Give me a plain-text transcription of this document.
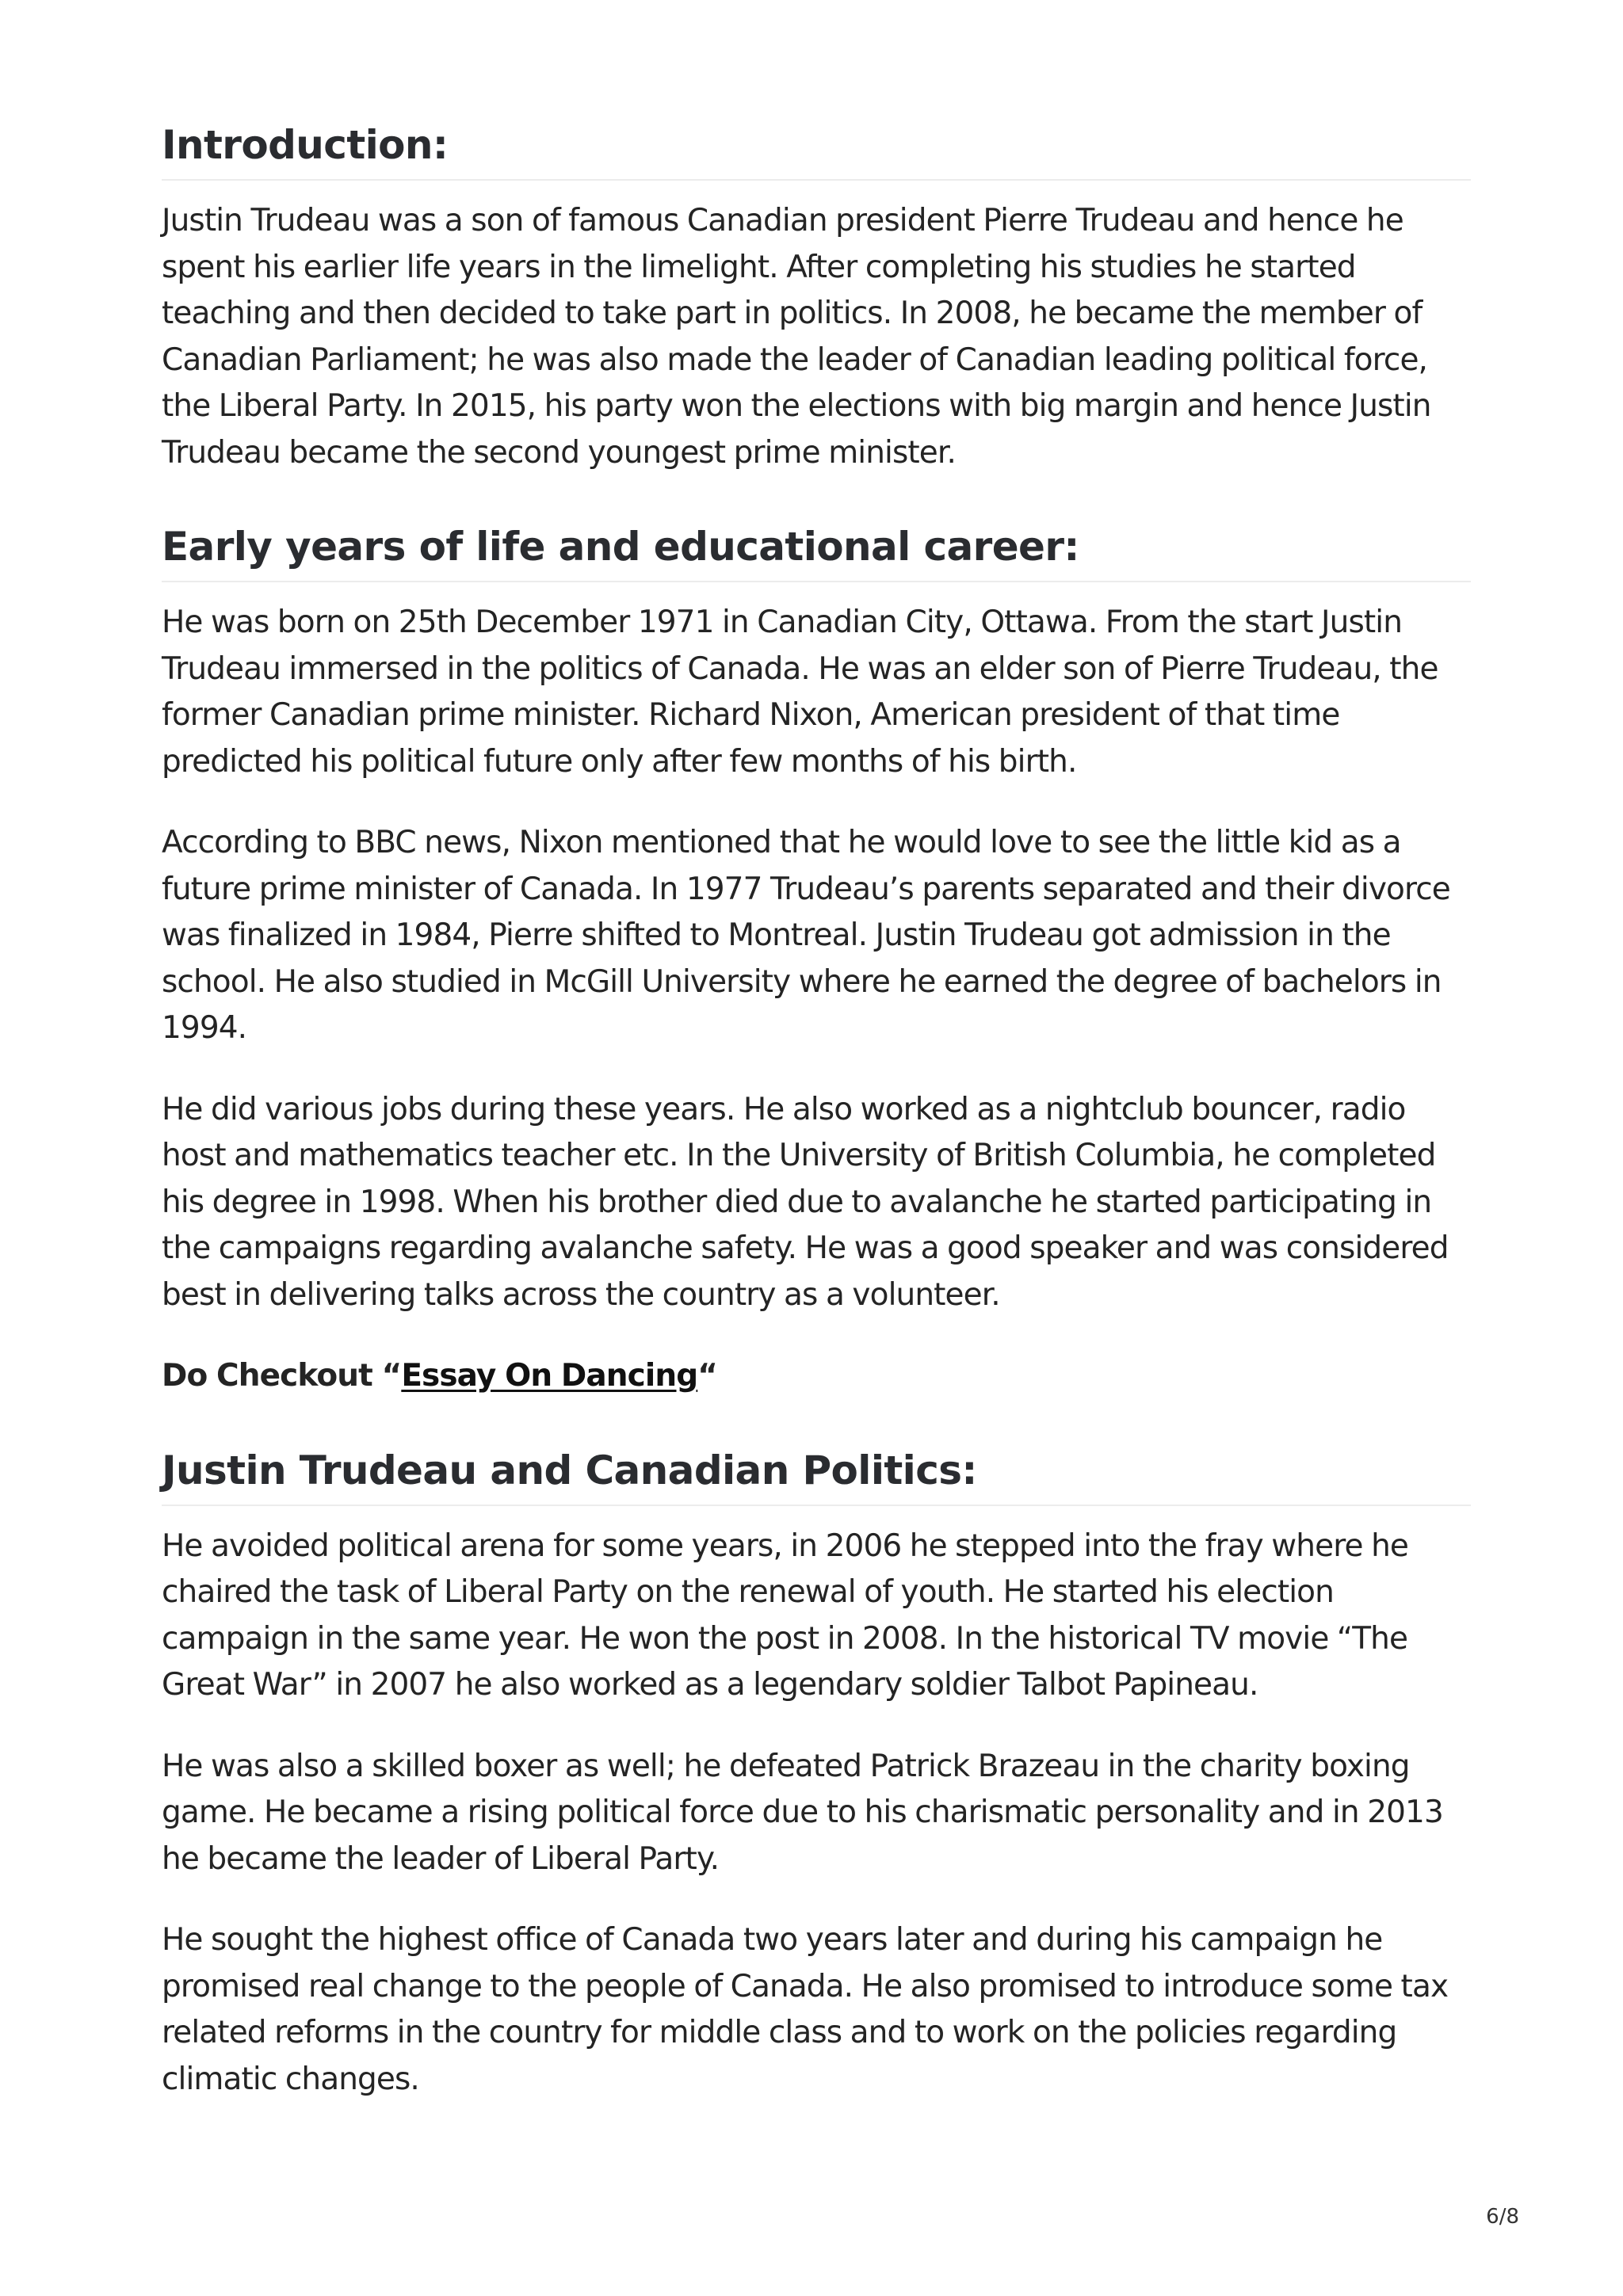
Introduction:

Justin Trudeau was a son of famous Canadian president Pierre Trudeau and hence he spent his earlier life years in the limelight. After completing his studies he started teaching and then decided to take part in politics. In 2008, he became the member of Canadian Parliament; he was also made the leader of Canadian leading political force, the Liberal Party. In 2015, his party won the elections with big margin and hence Justin Trudeau became the second youngest prime minister.

Early years of life and educational career:

He was born on 25th December 1971 in Canadian City, Ottawa. From the start Justin Trudeau immersed in the politics of Canada. He was an elder son of Pierre Trudeau, the former Canadian prime minister. Richard Nixon, American president of that time predicted his political future only after few months of his birth.

According to BBC news, Nixon mentioned that he would love to see the little kid as a future prime minister of Canada. In 1977 Trudeau’s parents separated and their divorce was finalized in 1984, Pierre shifted to Montreal. Justin Trudeau got admission in the school. He also studied in McGill University where he earned the degree of bachelors in 1994.

He did various jobs during these years. He also worked as a nightclub bouncer, radio host and mathematics teacher etc. In the University of British Columbia, he completed his degree in 1998. When his brother died due to avalanche he started participating in the campaigns regarding avalanche safety. He was a good speaker and was considered best in delivering talks across the country as a volunteer.

Do Checkout “Essay On Dancing“

Justin Trudeau and Canadian Politics:

He avoided political arena for some years, in 2006 he stepped into the fray where he chaired the task of Liberal Party on the renewal of youth. He started his election campaign in the same year. He won the post in 2008. In the historical TV movie “The Great War” in 2007 he also worked as a legendary soldier Talbot Papineau.

He was also a skilled boxer as well; he defeated Patrick Brazeau in the charity boxing game. He became a rising political force due to his charismatic personality and in 2013 he became the leader of Liberal Party.

He sought the highest office of Canada two years later and during his campaign he promised real change to the people of Canada. He also promised to introduce some tax related reforms in the country for middle class and to work on the policies regarding climatic changes.

6/8
